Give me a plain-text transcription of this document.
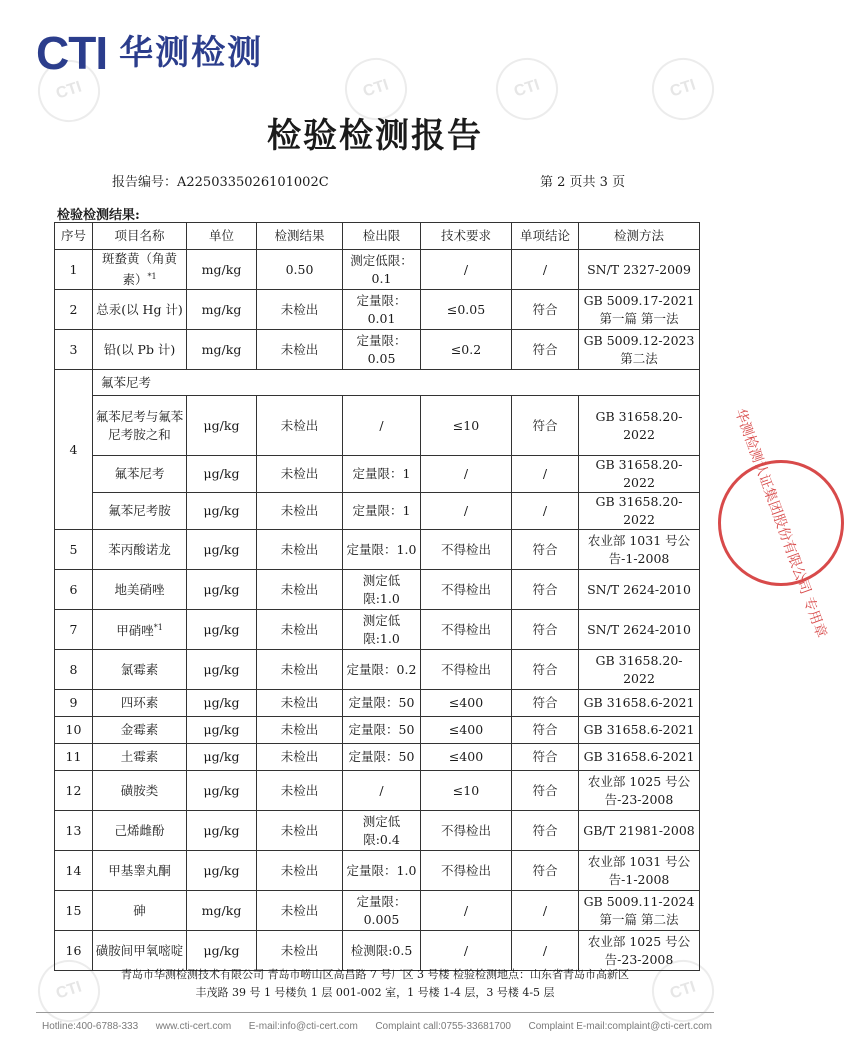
CTI	CTI	CTI	CTI
CTI	CTI
CTI 华测检测
检验检测报告
报告编号：A2250335026101002C	第 2 页共 3 页
检验检测结果:
序号	项目名称	单位	检测结果	检出限	技术要求	单项结论	检测方法
1	斑蝥黄（角黄素）$^{*1}$	mg/kg	0.50	测定低限：0.1	/	/	SN/T 2327-2009
2	总汞(以 Hg 计)	mg/kg	未检出	定量限：0.01	≤0.05	符合	GB 5009.17-2021 第一篇 第一法
3	铅(以 Pb 计)	mg/kg	未检出	定量限：0.05	≤0.2	符合	GB 5009.12-2023 第二法
4	氟苯尼考						
	氟苯尼考与氟苯尼考胺之和	μg/kg	未检出	/	≤10	符合	GB 31658.20-2022
	氟苯尼考	μg/kg	未检出	定量限：1	/	/	GB 31658.20-2022
	氟苯尼考胺	μg/kg	未检出	定量限：1	/	/	GB 31658.20-2022
5	苯丙酸诺龙	μg/kg	未检出	定量限：1.0	不得检出	符合	农业部 1031 号公告-1-2008
6	地美硝唑	μg/kg	未检出	测定低限:1.0	不得检出	符合	SN/T 2624-2010
7	甲硝唑$^{*1}$	μg/kg	未检出	测定低限:1.0	不得检出	符合	SN/T 2624-2010
8	氯霉素	μg/kg	未检出	定量限：0.2	不得检出	符合	GB 31658.20-2022
9	四环素	μg/kg	未检出	定量限：50	≤400	符合	GB 31658.6-2021
10	金霉素	μg/kg	未检出	定量限：50	≤400	符合	GB 31658.6-2021
11	土霉素	μg/kg	未检出	定量限：50	≤400	符合	GB 31658.6-2021
12	磺胺类	μg/kg	未检出	/	≤10	符合	农业部 1025 号公告-23-2008
13	己烯雌酚	μg/kg	未检出	测定低限:0.4	不得检出	符合	GB/T 21981-2008
14	甲基睾丸酮	μg/kg	未检出	定量限：1.0	不得检出	符合	农业部 1031 号公告-1-2008
15	砷	mg/kg	未检出	定量限：0.005	/	/	GB 5009.11-2024 第一篇 第二法
16	磺胺间甲氧嘧啶	μg/kg	未检出	检测限:0.5	/	/	农业部 1025 号公告-23-2008
华测检测认证集团股份有限公司 专用章
青岛市华测检测技术有限公司 青岛市崂山区高昌路 7 号厂区 3 号楼 检验检测地点：山东省青岛市高新区
丰茂路 39 号 1 号楼负 1 层 001-002 室，1 号楼 1-4 层，3 号楼 4-5 层
Hotline:400-6788-333 www.cti-cert.com E-mail:info@cti-cert.com Complaint call:0755-33681700 Complaint E-mail:complaint@cti-cert.com
